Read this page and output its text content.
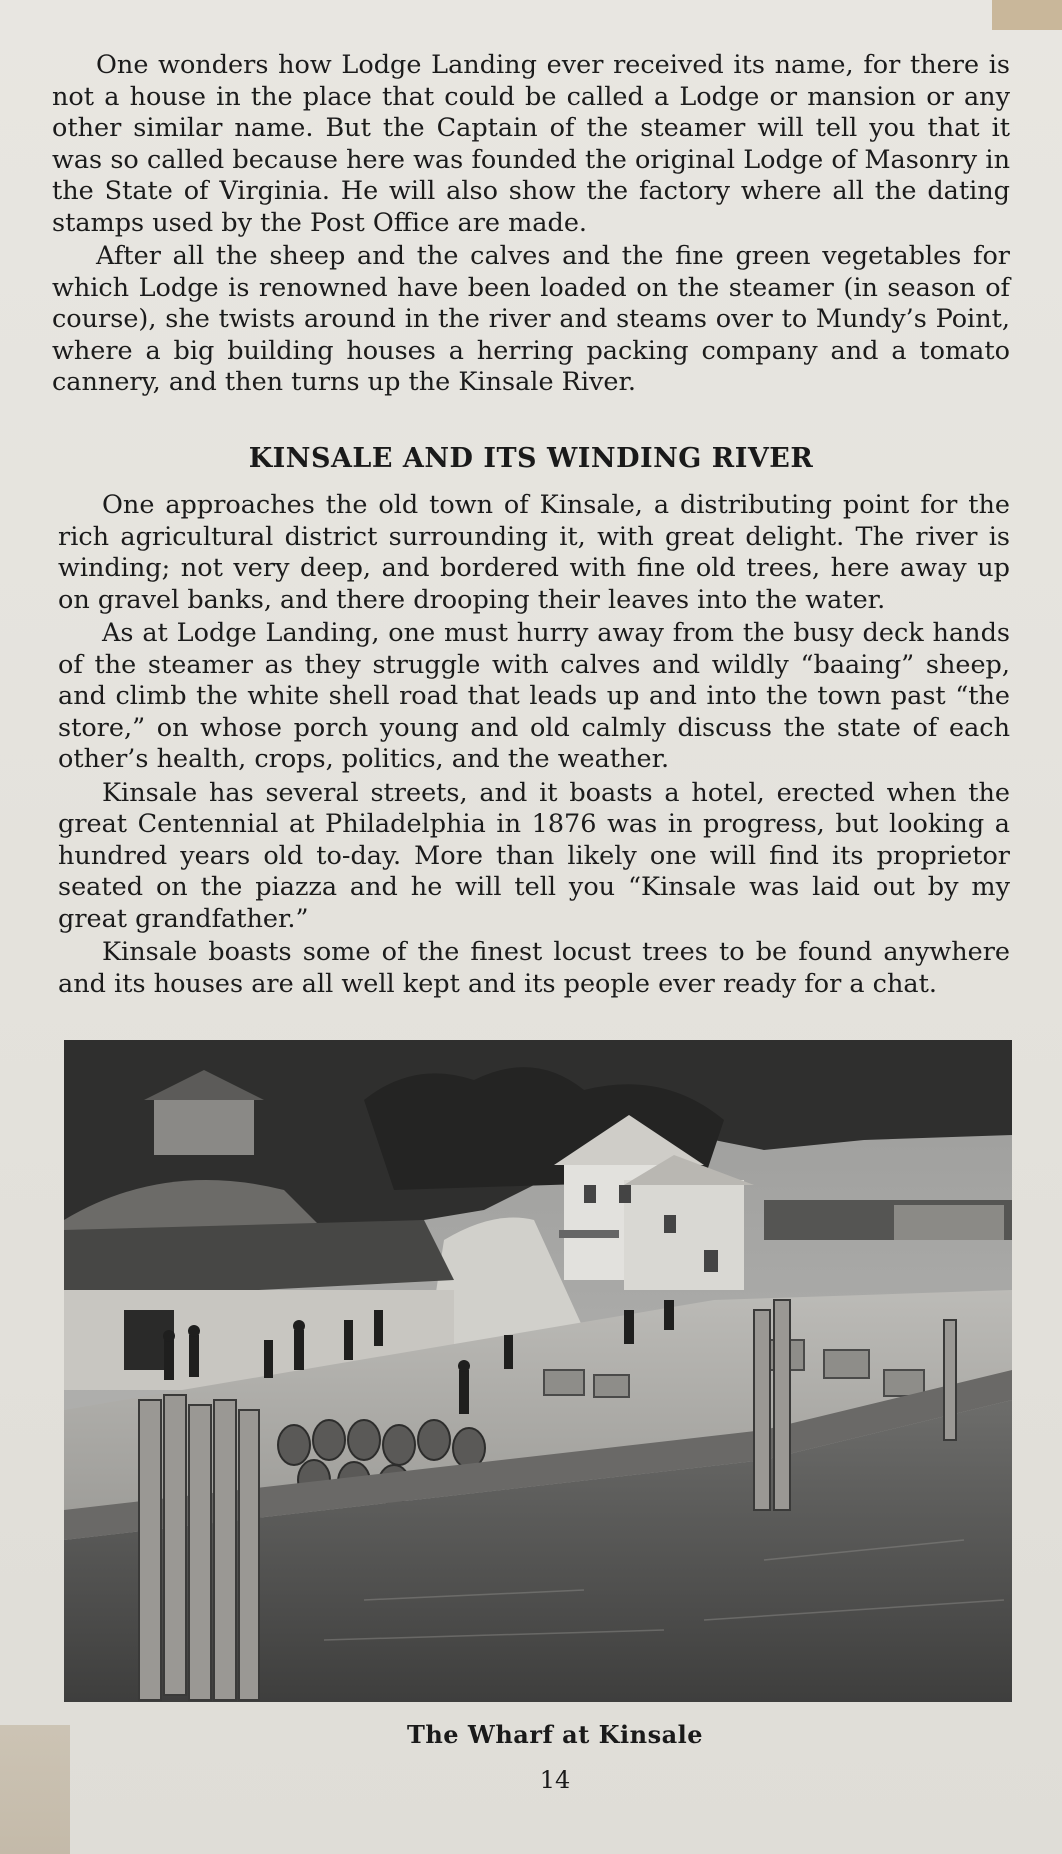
One wonders how Lodge Landing ever received its name, for there is not a house in the place that could be called a Lodge or mansion or any other similar name. But the Captain of the steamer will tell you that it was so called because here was founded the original Lodge of Masonry in the State of Virginia. He will also show the factory where all the dating stamps used by the Post Office are made.

After all the sheep and the calves and the fine green vegetables for which Lodge is renowned have been loaded on the steamer (in season of course), she twists around in the river and steams over to Mundy’s Point, where a big building houses a herring packing company and a tomato cannery, and then turns up the Kinsale River.

KINSALE AND ITS WINDING RIVER

One approaches the old town of Kinsale, a distributing point for the rich agricultural district surrounding it, with great delight. The river is winding; not very deep, and bordered with fine old trees, here away up on gravel banks, and there drooping their leaves into the water.

As at Lodge Landing, one must hurry away from the busy deck hands of the steamer as they struggle with calves and wildly “baaing” sheep, and climb the white shell road that leads up and into the town past “the store,” on whose porch young and old calmly discuss the state of each other’s health, crops, politics, and the weather.

Kinsale has several streets, and it boasts a hotel, erected when the great Centennial at Philadelphia in 1876 was in progress, but looking a hundred years old to-day. More than likely one will find its proprietor seated on the piazza and he will tell you “Kinsale was laid out by my great grandfather.”

Kinsale boasts some of the finest locust trees to be found anywhere and its houses are all well kept and its people ever ready for a chat.

The Wharf at Kinsale
14
